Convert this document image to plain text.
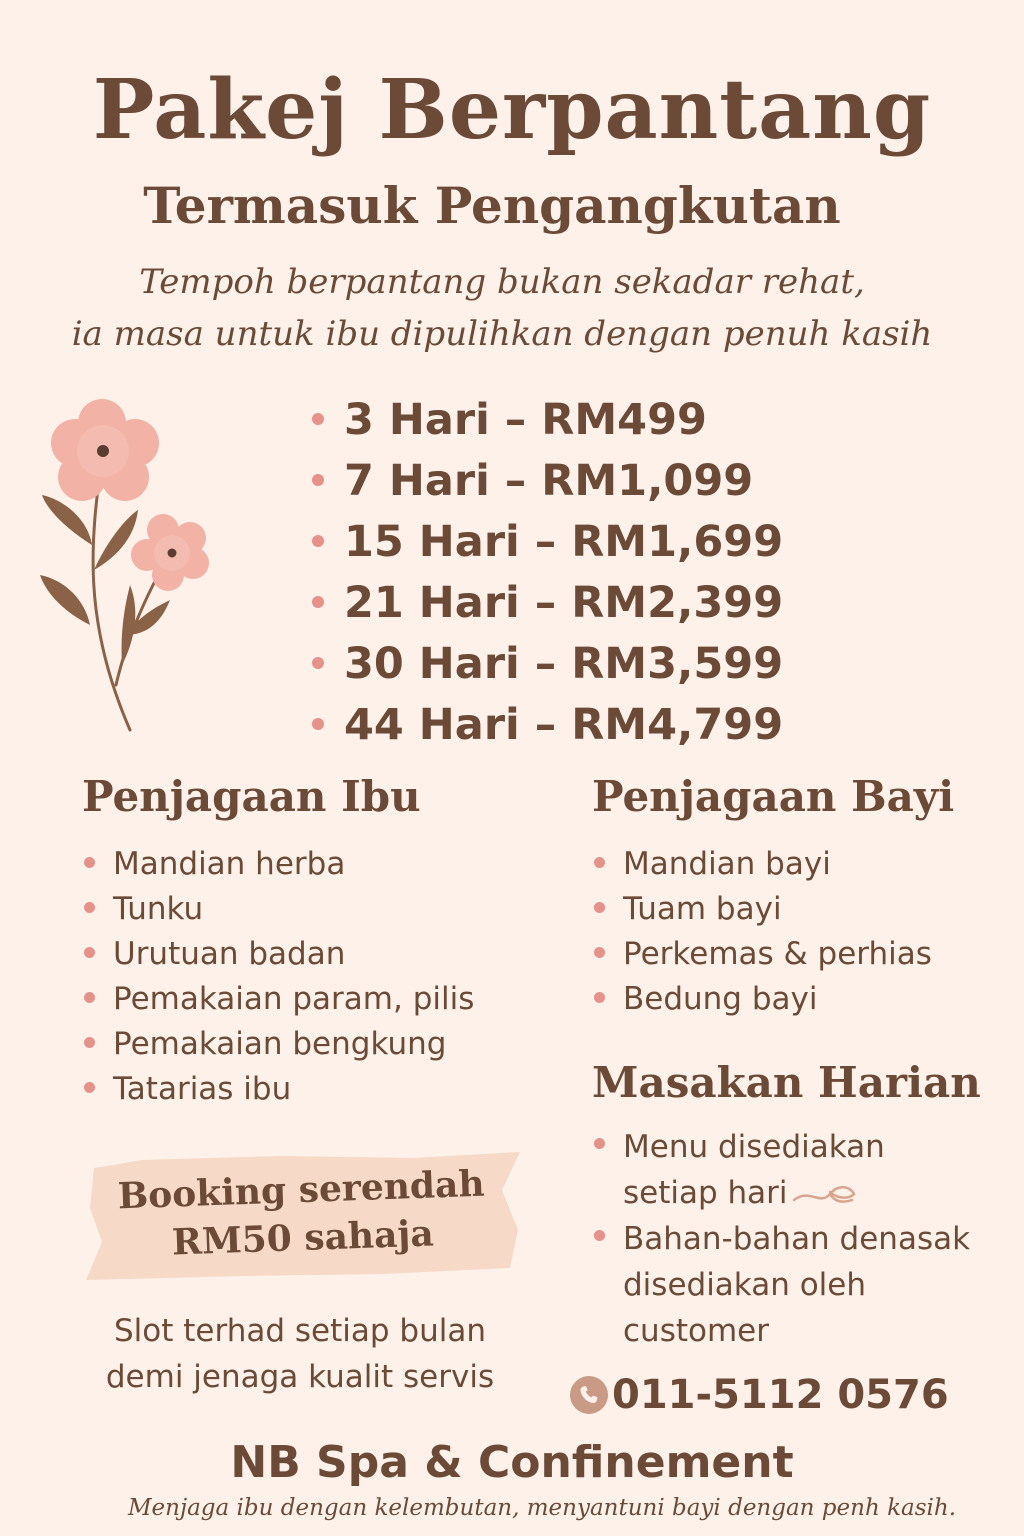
Pakej Berpantang
Termasuk Pengangkutan
Tempoh berpantang bukan sekadar rehat,
ia masa untuk ibu dipulihkan dengan penuh kasih
3 Hari – RM499
7 Hari – RM1,099
15 Hari – RM1,699
21 Hari – RM2,399
30 Hari – RM3,599
44 Hari – RM4,799
Penjagaan Ibu
Mandian herba
Tunku
Urutuan badan
Pemakaian param, pilis
Pemakaian bengkung
Tatarias ibu
Penjagaan Bayi
Mandian bayi
Tuam bayi
Perkemas & perhias
Bedung bayi
Masakan Harian
Menu disediakan setiap hari
Bahan-bahan denasak disediakan oleh customer
Booking serendah
RM50 sahaja
Slot terhad setiap bulan
demi jenaga kualit servis	011-5112 0576
NB Spa & Confinement
Menjaga ibu dengan kelembutan, menyantuni bayi dengan penh kasih.
